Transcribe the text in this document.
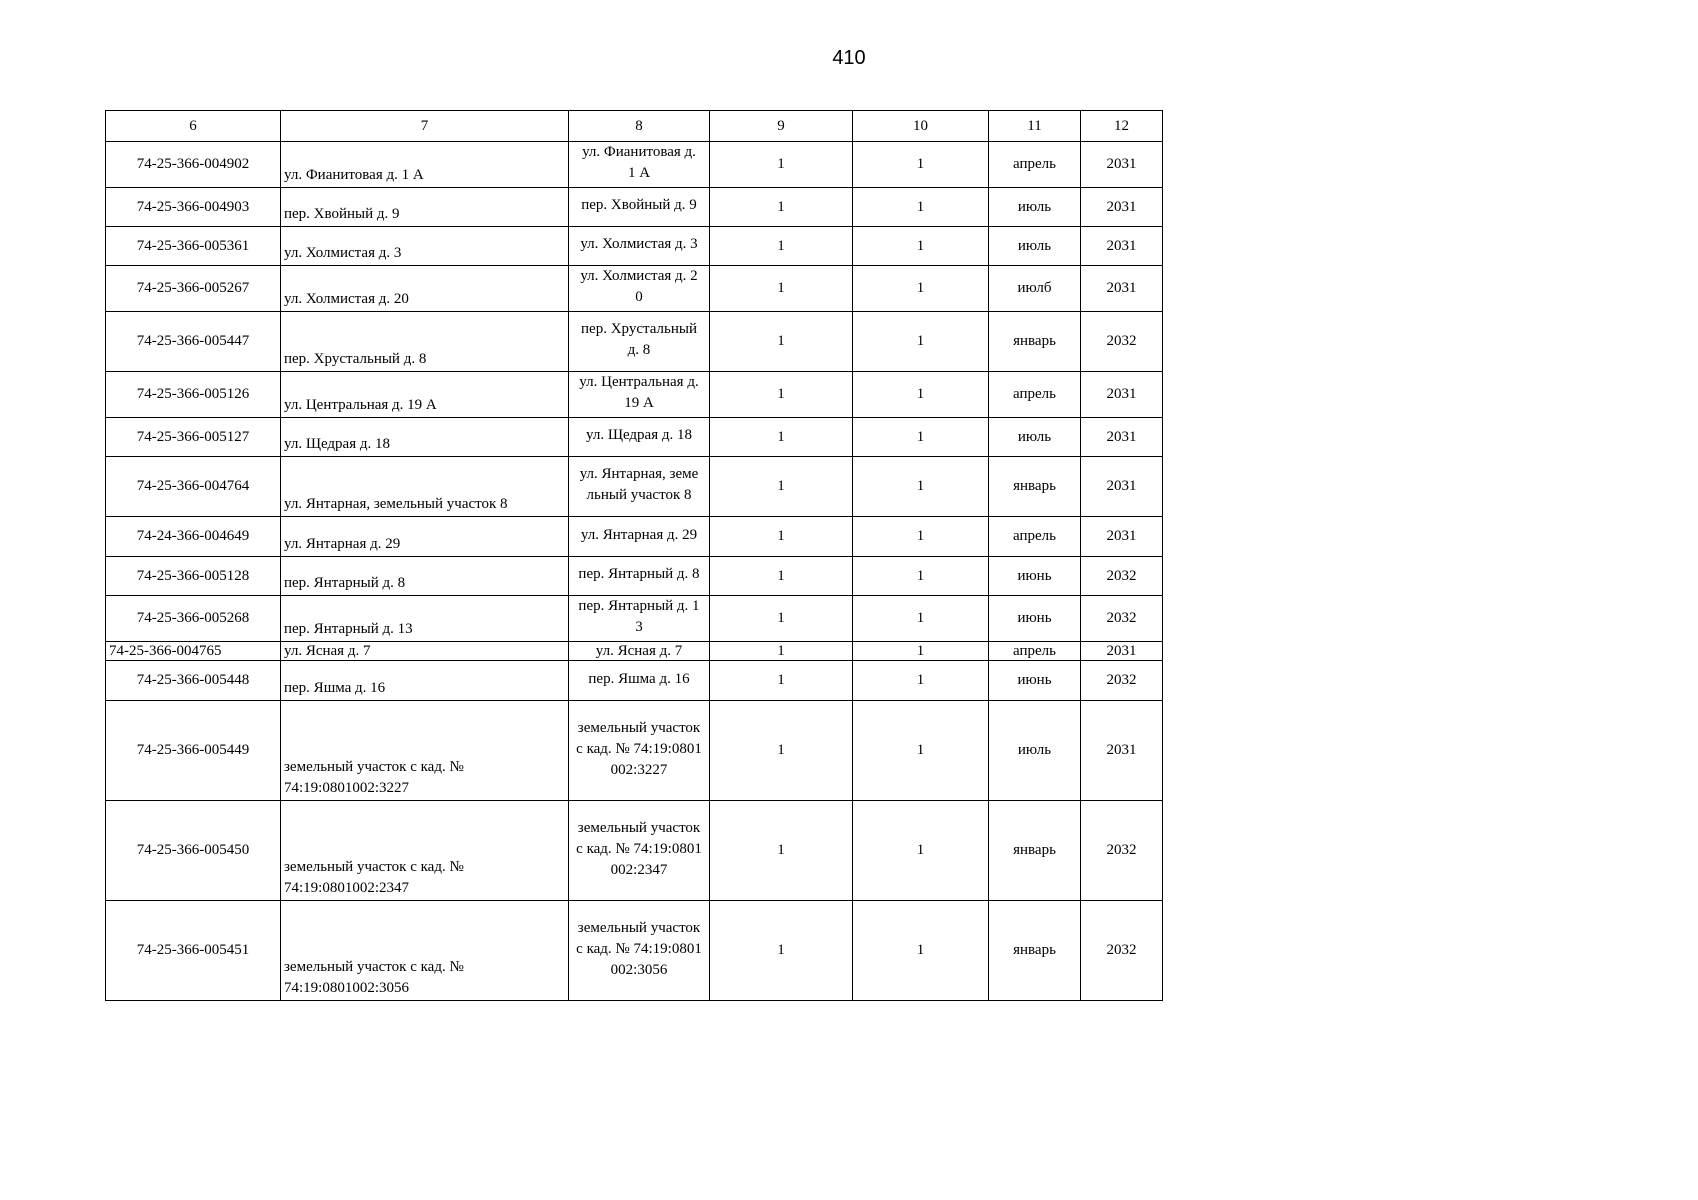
410
6	7	8	9	10	11	12
74-25-366-004902	ул. Фианитовая д. 1 А	ул. Фианитовая д. 1 А	1	1	апрель	2031
74-25-366-004903	пер. Хвойный д. 9	пер. Хвойный д. 9	1	1	июль	2031
74-25-366-005361	ул. Холмистая д. 3	ул. Холмистая д. 3	1	1	июль	2031
74-25-366-005267	ул. Холмистая д. 20	ул. Холмистая д. 20	1	1	июлб	2031
74-25-366-005447	пер. Хрустальный д. 8	пер. Хрустальный д. 8	1	1	январь	2032
74-25-366-005126	ул. Центральная д. 19 А	ул. Центральная д. 19 А	1	1	апрель	2031
74-25-366-005127	ул. Щедрая д. 18	ул. Щедрая д. 18	1	1	июль	2031
74-25-366-004764	ул. Янтарная, земельный участок 8	ул. Янтарная, земельный участок 8	1	1	январь	2031
74-24-366-004649	ул. Янтарная д. 29	ул. Янтарная д. 29	1	1	апрель	2031
74-25-366-005128	пер. Янтарный д. 8	пер. Янтарный д. 8	1	1	июнь	2032
74-25-366-005268	пер. Янтарный д. 13	пер. Янтарный д. 13	1	1	июнь	2032
74-25-366-004765	ул. Ясная д. 7	ул. Ясная д. 7	1	1	апрель	2031
74-25-366-005448	пер. Яшма д. 16	пер. Яшма д. 16	1	1	июнь	2032
74-25-366-005449	земельный участок с кад. № 74:19:0801002:3227	земельный участок с кад. № 74:19:0801002:3227	1	1	июль	2031
74-25-366-005450	земельный участок с кад. № 74:19:0801002:2347	земельный участок с кад. № 74:19:0801002:2347	1	1	январь	2032
74-25-366-005451	земельный участок с кад. № 74:19:0801002:3056	земельный участок с кад. № 74:19:0801002:3056	1	1	январь	2032
